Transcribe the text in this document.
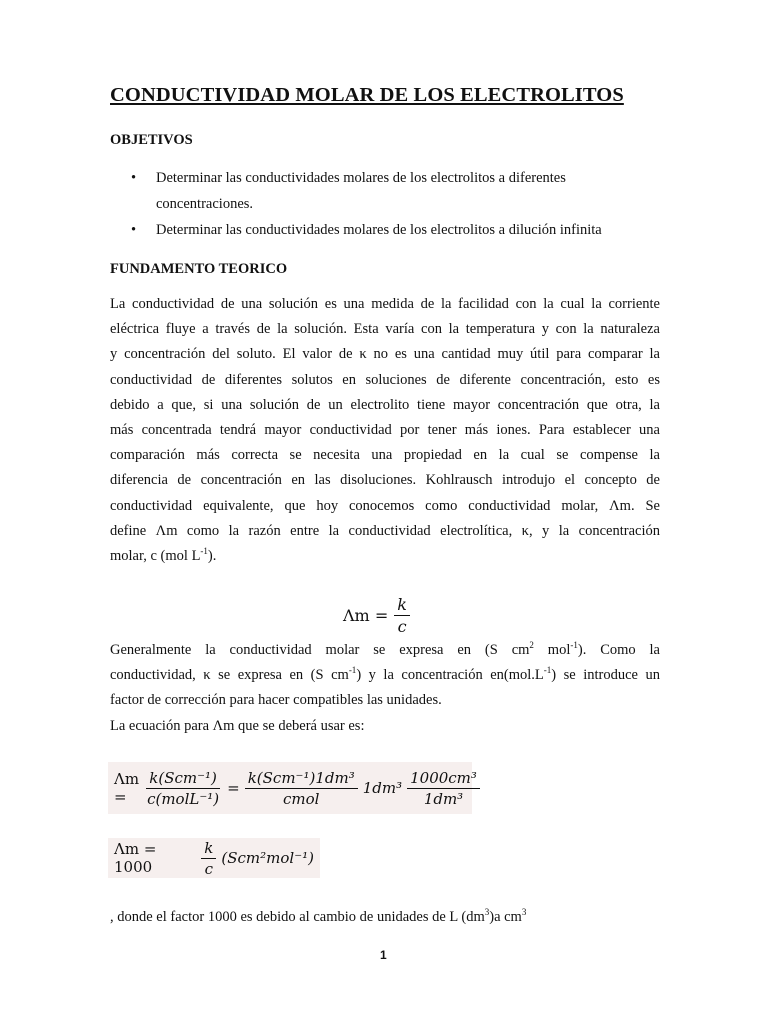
CONDUCTIVIDAD MOLAR DE LOS ELECTROLITOS
OBJETIVOS
• Determinar las conductividades molares de los electrolitos a diferentes
concentraciones.
• Determinar las conductividades molares de los electrolitos a dilución infinita
FUNDAMENTO TEORICO
La conductividad de una solución es una medida de la facilidad con la cual la corriente
eléctrica fluye a través de la solución. Esta varía con la temperatura y con la naturaleza
y concentración del soluto. El valor de κ no es una cantidad muy útil para comparar la
conductividad de diferentes solutos en soluciones de diferente concentración, esto es
debido a que, si una solución de un electrolito tiene mayor concentración que otra, la
más concentrada tendrá mayor conductividad por tener más iones. Para establecer una
comparación más correcta se necesita una propiedad en la cual se compense la
diferencia de concentración en las disoluciones. Kohlrausch introdujo el concepto de
conductividad equivalente, que hoy conocemos como conductividad molar, Λm. Se
define Λm como la razón entre la conductividad electrolítica, κ, y la concentración
molar, c (mol $L^{-1}$).
$\Lambda m = \frac{k}{c}$
Generalmente la conductividad molar se expresa en (S $cm^2$ mol$^{-1}$). Como la
conductividad, κ se expresa en (S $cm^{-1}$) y la concentración $en(mol.L^{-1})$ se introduce un
factor de corrección para hacer compatibles las unidades.
La ecuación para Λm que se deberá usar es:
Λm =	$\frac{\text{k(Scm⁻¹)}}{\text{c(molL⁻¹)}} = \frac{\text{k(Scm⁻¹)1dm³}}{\text{cmol}} 1dm^3 \frac{\text{1000cm³}}{\text{1dm³}}$
Λm = 1000	$\frac{k}{c} (Scm^2mol^{-1})$
, donde el factor 1000 es debido al cambio de unidades de L $(dm^3)a$ $cm^3$
1
